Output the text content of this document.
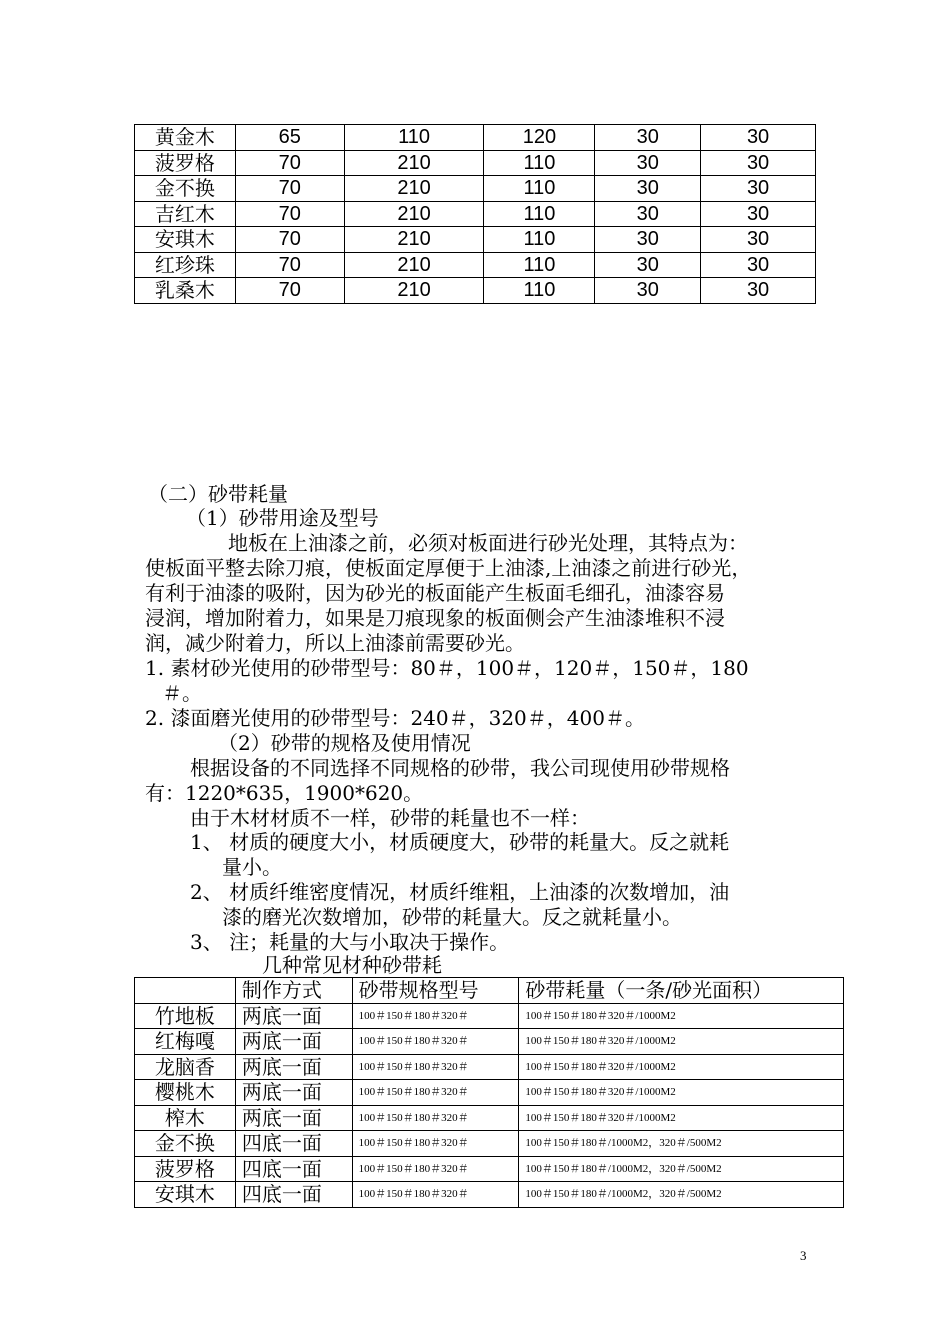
黄金木	65	110	120	30	30
菠罗格	70	210	110	30	30
金不换	70	210	110	30	30
吉红木	70	210	110	30	30
安琪木	70	210	110	30	30
红珍珠	70	210	110	30	30
乳桑木	70	210	110	30	30
（二）砂带耗量
（1）砂带用途及型号
地板在上油漆之前，必须对板面进行砂光处理，其特点为：
使板面平整去除刀痕，使板面定厚便于上油漆,上油漆之前进行砂光，
有利于油漆的吸附，因为砂光的板面能产生板面毛细孔，油漆容易
浸润，增加附着力，如果是刀痕现象的板面侧会产生油漆堆积不浸
润，减少附着力，所以上油漆前需要砂光。
1. 素材砂光使用的砂带型号：80＃，100＃，120＃，150＃，180
＃。
2. 漆面磨光使用的砂带型号：240＃，320＃，400＃。
（2）砂带的规格及使用情况
根据设备的不同选择不同规格的砂带，我公司现使用砂带规格
有：1220*635，1900*620。
由于木材材质不一样，砂带的耗量也不一样：
1、 材质的硬度大小，材质硬度大，砂带的耗量大。反之就耗
量小。
2、 材质纤维密度情况，材质纤维粗，上油漆的次数增加，油
漆的磨光次数增加，砂带的耗量大。反之就耗量小。
3、 注；耗量的大与小取决于操作。
几种常见材种砂带耗
	制作方式	砂带规格型号	砂带耗量（一条/砂光面积）
竹地板	两底一面	100＃150＃180＃320＃	100＃150＃180＃320＃/1000M2
红梅嘎	两底一面	100＃150＃180＃320＃	100＃150＃180＃320＃/1000M2
龙脑香	两底一面	100＃150＃180＃320＃	100＃150＃180＃320＃/1000M2
樱桃木	两底一面	100＃150＃180＃320＃	100＃150＃180＃320＃/1000M2
榨木	两底一面	100＃150＃180＃320＃	100＃150＃180＃320＃/1000M2
金不换	四底一面	100＃150＃180＃320＃	100＃150＃180＃/1000M2，320＃/500M2
菠罗格	四底一面	100＃150＃180＃320＃	100＃150＃180＃/1000M2，320＃/500M2
安琪木	四底一面	100＃150＃180＃320＃	100＃150＃180＃/1000M2，320＃/500M2
3
